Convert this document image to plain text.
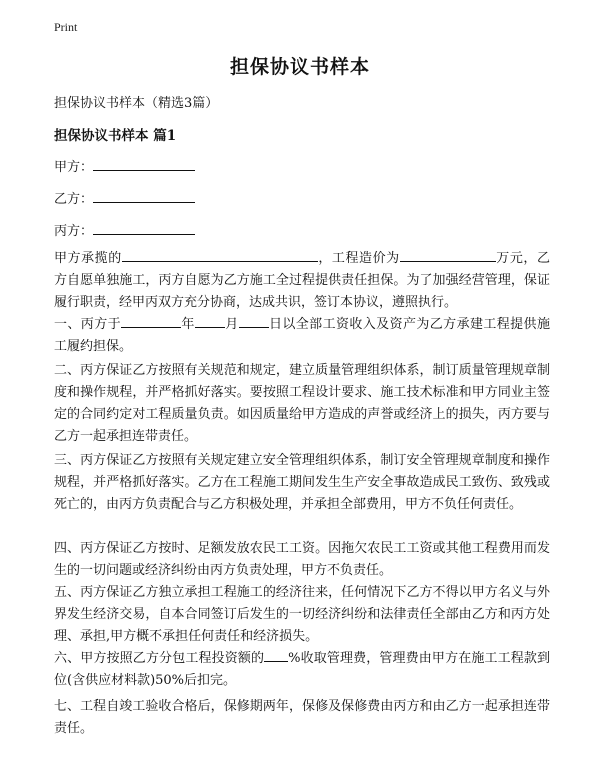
Print
担保协议书样本
担保协议书样本（精选3篇）
担保协议书样本 篇1
甲方：
乙方：
丙方：

甲方承揽的	，工程造价为	万元，乙方自愿单独施工，丙方自愿为乙方施工全过程提供责任担保。为了加强经营管理，保证履行职责，经甲丙双方充分协商，达成共识，签订本协议，遵照执行。

一、丙方于	年 月 日以全部工资收入及资产为乙方承建工程提供施工履约担保。

二、丙方保证乙方按照有关规范和规定，建立质量管理组织体系，制订质量管理规章制度和操作规程，并严格抓好落实。要按照工程设计要求、施工技术标准和甲方同业主签定的合同约定对工程质量负责。如因质量给甲方造成的声誉或经济上的损失，丙方要与乙方一起承担连带责任。

三、丙方保证乙方按照有关规定建立安全管理组织体系，制订安全管理规章制度和操作规程，并严格抓好落实。乙方在工程施工期间发生生产安全事故造成民工致伤、致残或死亡的，由丙方负责配合与乙方积极处理，并承担全部费用，甲方不负任何责任。

四、丙方保证乙方按时、足额发放农民工工资。因拖欠农民工工资或其他工程费用而发生的一切问题或经济纠纷由丙方负责处理，甲方不负责任。

五、丙方保证乙方独立承担工程施工的经济往来，任何情况下乙方不得以甲方名义与外界发生经济交易，自本合同签订后发生的一切经济纠纷和法律责任全部由乙方和丙方处理、承担,甲方概不承担任何责任和经济损失。

六、甲方按照乙方分包工程投资额的 %收取管理费，管理费由甲方在施工工程款到位(含供应材料款)50%后扣完。

七、工程自竣工验收合格后，保修期两年，保修及保修费由丙方和由乙方一起承担连带责任。
